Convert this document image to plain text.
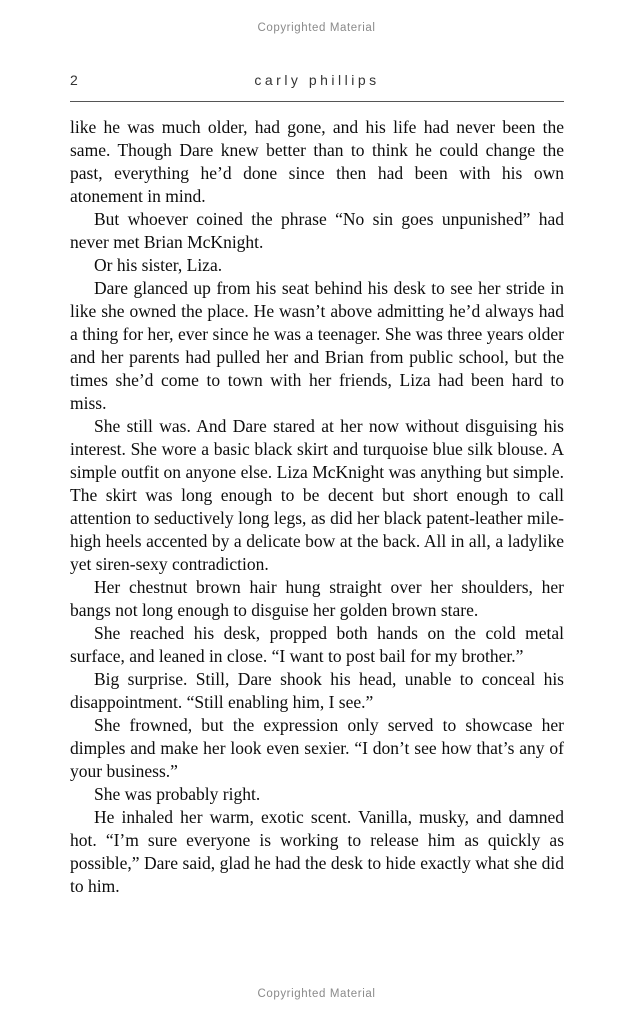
Copyrighted Material
2	carly phillips

like he was much older, had gone, and his life had never been the same. Though Dare knew better than to think he could change the past, everything he’d done since then had been with his own atonement in mind.

But whoever coined the phrase “No sin goes unpunished” had never met Brian McKnight.

Or his sister, Liza.

Dare glanced up from his seat behind his desk to see her stride in like she owned the place. He wasn’t above admitting he’d always had a thing for her, ever since he was a teenager. She was three years older and her parents had pulled her and Brian from public school, but the times she’d come to town with her friends, Liza had been hard to miss.

She still was. And Dare stared at her now without disguising his interest. She wore a basic black skirt and turquoise blue silk blouse. A simple outfit on anyone else. Liza McKnight was anything but simple. The skirt was long enough to be decent but short enough to call attention to seductively long legs, as did her black patent-leather mile-high heels accented by a delicate bow at the back. All in all, a ladylike yet siren-sexy contradiction.

Her chestnut brown hair hung straight over her shoulders, her bangs not long enough to disguise her golden brown stare.

She reached his desk, propped both hands on the cold metal surface, and leaned in close. “I want to post bail for my brother.”

Big surprise. Still, Dare shook his head, unable to conceal his disappointment. “Still enabling him, I see.”

She frowned, but the expression only served to showcase her dimples and make her look even sexier. “I don’t see how that’s any of your business.”

She was probably right.

He inhaled her warm, exotic scent. Vanilla, musky, and damned hot. “I’m sure everyone is working to release him as quickly as possible,” Dare said, glad he had the desk to hide exactly what she did to him.

Copyrighted Material
